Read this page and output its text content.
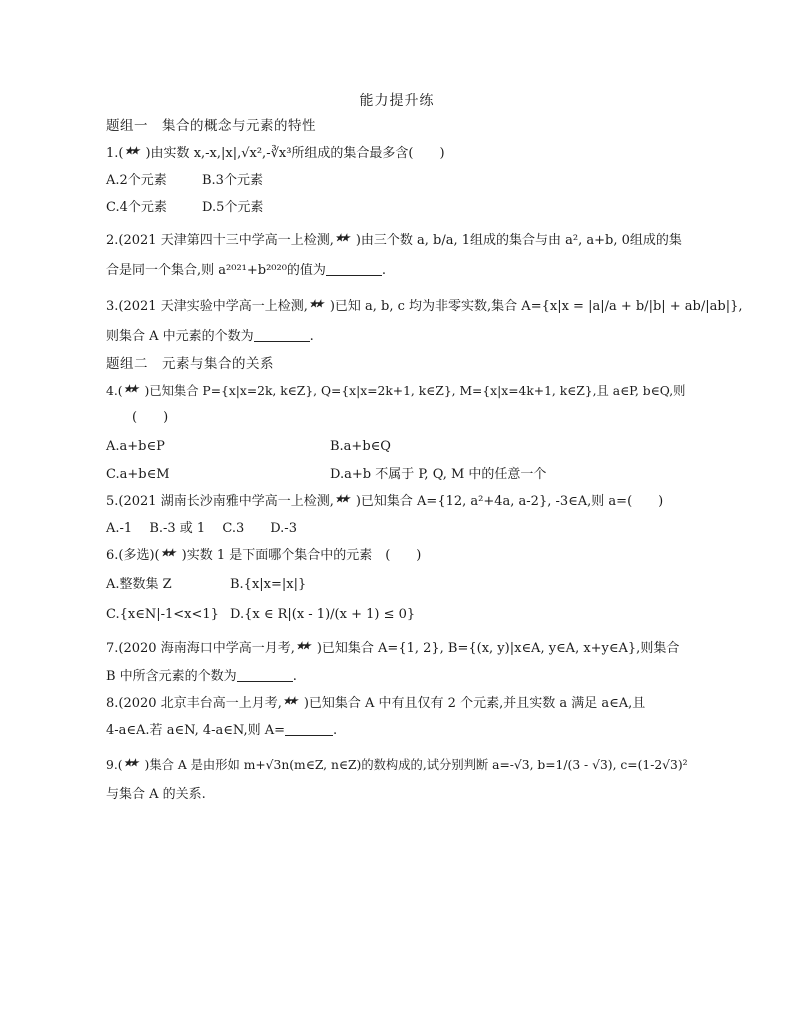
能力提升练
题组一　集合的概念与元素的特性
1.( ★★ )由实数 x,-x,|x|,√x²,-∛x³所组成的集合最多含(　　)
A.2个元素	B.3个元素
C.4个元素	D.5个元素
2.(2021 天津第四十三中学高一上检测, ★★ )由三个数 a, b/a, 1组成的集合与由 a², a+b, 0组成的集
合是同一个集合,则 a²⁰²¹+b²⁰²⁰的值为	.
3.(2021 天津实验中学高一上检测, ★★ )已知 a, b, c 均为非零实数,集合 A={x|x = |a|/a + b/|b| + ab/|ab|},
则集合 A 中元素的个数为	.
题组二　元素与集合的关系
4.( ★★ )已知集合 P={x|x=2k, k∈Z}, Q={x|x=2k+1, k∈Z}, M={x|x=4k+1, k∈Z},且 a∈P, b∈Q,则
(　　)
A.a+b∈P	B.a+b∈Q
C.a+b∈M	D.a+b 不属于 P, Q, M 中的任意一个
5.(2021 湖南长沙南雅中学高一上检测, ★★ )已知集合 A={12, a²+4a, a-2}, -3∈A,则 a=(　　)
A.-1　 B.-3 或 1　 C.3　　D.-3
6.(多选)( ★★ )实数 1 是下面哪个集合中的元素　(　　)
A.整数集 Z	B.{x|x=|x|}
C.{x∈N|-1<x<1} D.{x ∈ R|(x - 1)/(x + 1) ≤ 0}
7.(2020 海南海口中学高一月考, ★★ )已知集合 A={1, 2}, B={(x, y)|x∈A, y∈A, x+y∈A},则集合
B 中所含元素的个数为	.
8.(2020 北京丰台高一上月考, ★★ )已知集合 A 中有且仅有 2 个元素,并且实数 a 满足 a∈A,且
4-a∈A.若 a∈N, 4-a∈N,则 A=	.
9.( ★★ )集合 A 是由形如 m+√3n(m∈Z, n∈Z)的数构成的,试分别判断 a=-√3, b=1/(3 - √3), c=(1-2√3)²
与集合 A 的关系.
